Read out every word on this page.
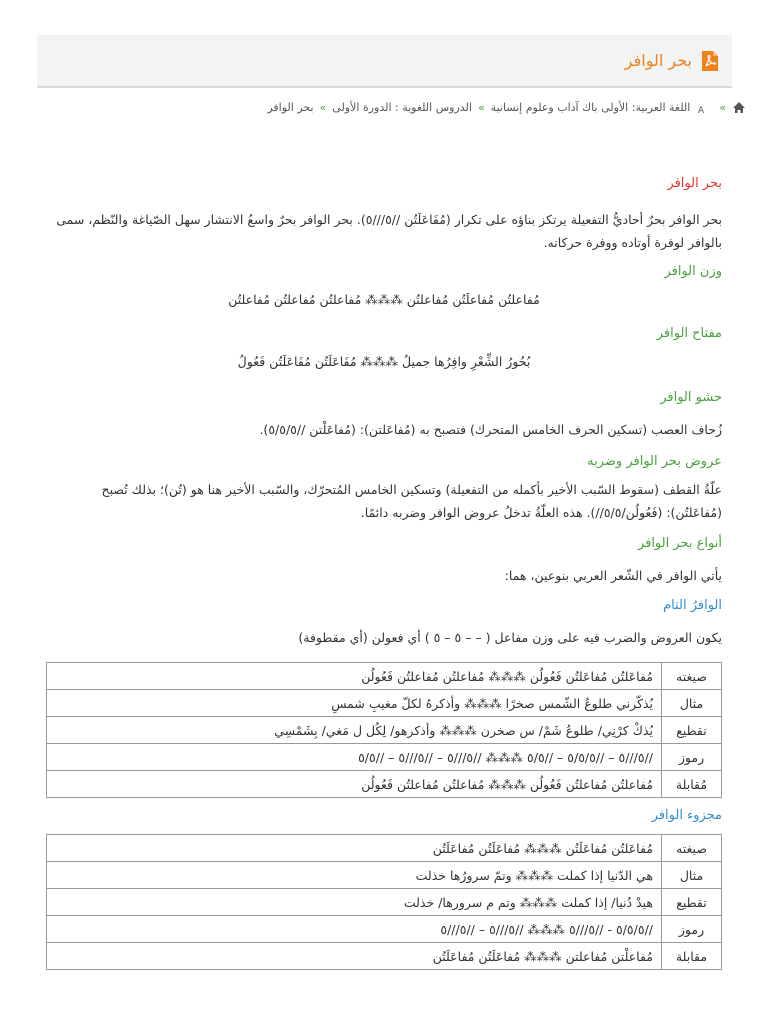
بحر الوافر
»
A
اللغة العربية: الأولى باك آداب وعلوم إنسانية
»
الدروس اللغوية : الدورة الأولى
»
بحر الوافر
بحر الوافر
بحر الوافر بحرٌ أحاديُّ التفعيلة يرتكز بناؤه على تكرار (مُفَاعَلَتُن //٥///٥). بحر الوافر بحرٌ واسعُ الانتشار سهل الصّياغة والنّظم، سمى بالوافر لوفرة أوتاده ووفرة حركاته.
وزن الوافر
مُفاعلتُن مُفاعلَتُن مُفاعلتُن ⁂⁂⁂ مُفاعلتُن مُفاعلتُن مُفاعلتُن
مفتاح الوافر
بُحُورُ الشِّعْرِ وافِرُها جميلُ ⁂⁂⁂ مُفَاعَلَتُن مُفَاعَلَتُن فَعُولُ
حشو الوافر
زُحاف العصب (تسكين الحرف الخامس المتحرك) فتصبح به (مُفاعَلتن): (مُفاعَلْتن //٥/٥/٥).
عروض بحر الوافر وضربه
علّةُ القطف (سقوط السّبب الأخير بأكمله من التفعيلة) وتسكين الخامس المُتحرّك، والسّبب الأخير هنا هو (تُن)؛ بذلك تُصبح (مُفاعَلتُن): (فَعُولُن/٥/٥//). هذه العلّةُ تدخلُ عروض الوافر وضربه دائمًا.
أنواع بحر الوافر
يأتي الوافر في الشّعر العربي بنوعين، هما:
الوافرُ التام
يكون العروض والضرب فيه على وزن مفاعل ( – – ٥ – ٥ ) أي فعولن (أي مقطوفة)
صيغته	مُفاعَلتُن مُفاعَلتُن فَعُولُن ⁂⁂⁂ مُفاعلتُن مُفاعلتُن فَعُولُن
مثال	يُذكّرني طلوعُ الشّمس صخرًا ⁂⁂⁂ وأذكرهُ لكلّ مغيبِ شمسِ
تقطيع	يُذكْ كرْنِي/ طلوعُ شَمْ/ س صخرن ⁂⁂⁂ وأذكرهو/ لِكُل ل مَغي/ بِشَمْسِي
رموز	//٥///٥ – //٥/٥/٥ – //٥/٥ ⁂⁂⁂ //٥///٥ – //٥///٥ – //٥/٥
مُقابلة	مُفاعلتُن مُفاعلتُن فَعُولُن ⁂⁂⁂ مُفاعلتُن مُفاعلتُن فَعُولُن
مجزوء الوافر
صيغته	مُفاعَلتُن مُفاعَلَتُن ⁂⁂⁂ مُفاعَلَتُن مُفاعَلَتُن
مثال	هي الدّنيا إذا كملت ⁂⁂⁂ وتمّ سرورُها خذلت
تقطيع	هيدْ دُنيا/ إذا كملت ⁂⁂⁂ وتم م سرورها/ خذلت
رموز	//٥/٥/٥ - //٥///٥ ⁂⁂⁂ //٥///٥ – //٥///٥
مقابلة	مُفاعلْتن مُفاعلتن ⁂⁂⁂ مُفاعَلَتُن مُفاعَلَتُن
